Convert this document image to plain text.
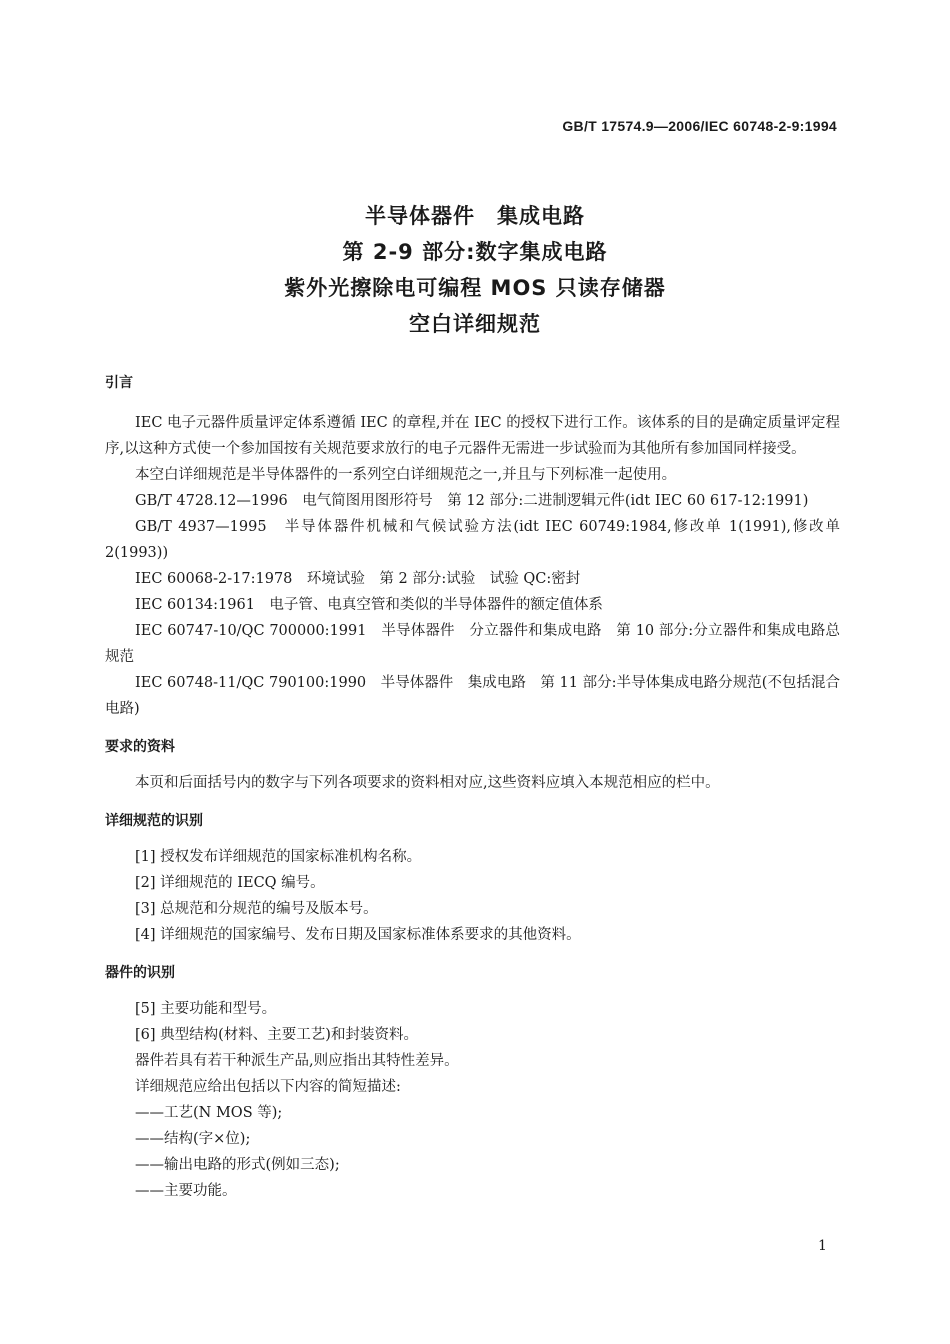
GB/T 17574.9—2006/IEC 60748-2-9:1994
半导体器件　集成电路
第 2-9 部分:数字集成电路
紫外光擦除电可编程 MOS 只读存储器
空白详细规范
引言

IEC 电子元器件质量评定体系遵循 IEC 的章程,并在 IEC 的授权下进行工作。该体系的目的是确定质量评定程序,以这种方式使一个参加国按有关规范要求放行的电子元器件无需进一步试验而为其他所有参加国同样接受。

本空白详细规范是半导体器件的一系列空白详细规范之一,并且与下列标准一起使用。

GB/T 4728.12—1996　电气简图用图形符号　第 12 部分:二进制逻辑元件(idt IEC 60 617-12:1991)

GB/T 4937—1995　半导体器件机械和气候试验方法(idt IEC 60749:1984,修改单 1(1991),修改单 2(1993))

IEC 60068-2-17:1978　环境试验　第 2 部分:试验　试验 QC:密封

IEC 60134:1961　电子管、电真空管和类似的半导体器件的额定值体系

IEC 60747-10/QC 700000:1991　半导体器件　分立器件和集成电路　第 10 部分:分立器件和集成电路总规范

IEC 60748-11/QC 790100:1990　半导体器件　集成电路　第 11 部分:半导体集成电路分规范(不包括混合电路)

要求的资料

本页和后面括号内的数字与下列各项要求的资料相对应,这些资料应填入本规范相应的栏中。

详细规范的识别

[1] 授权发布详细规范的国家标准机构名称。

[2] 详细规范的 IECQ 编号。

[3] 总规范和分规范的编号及版本号。

[4] 详细规范的国家编号、发布日期及国家标准体系要求的其他资料。

器件的识别

[5] 主要功能和型号。

[6] 典型结构(材料、主要工艺)和封装资料。

器件若具有若干种派生产品,则应指出其特性差异。

详细规范应给出包括以下内容的简短描述:

——工艺(N MOS 等);

——结构(字×位);

——输出电路的形式(例如三态);

——主要功能。

1
